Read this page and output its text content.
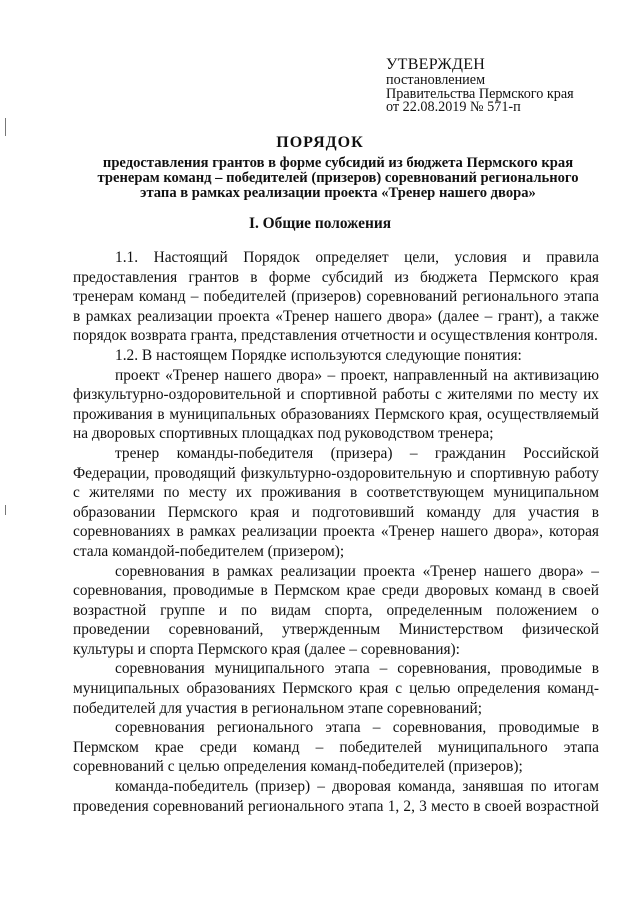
УТВЕРЖДЕН
постановлением
Правительства Пермского края
от 22.08.2019 № 571-п
ПОРЯДОК
предоставления грантов в форме субсидий из бюджета Пермского края тренерам команд – победителей (призеров) соревнований регионального этапа в рамках реализации проекта «Тренер нашего двора»
I. Общие положения

1.1. Настоящий Порядок определяет цели, условия и правила предоставления грантов в форме субсидий из бюджета Пермского края тренерам команд – победителей (призеров) соревнований регионального этапа в рамках реализации проекта «Тренер нашего двора» (далее – грант), а также порядок возврата гранта, представления отчетности и осуществления контроля.

1.2. В настоящем Порядке используются следующие понятия:

проект «Тренер нашего двора» – проект, направленный на активизацию физкультурно-оздоровительной и спортивной работы с жителями по месту их проживания в муниципальных образованиях Пермского края, осуществляемый на дворовых спортивных площадках под руководством тренера;

тренер команды-победителя (призера) – гражданин Российской Федерации, проводящий физкультурно-оздоровительную и спортивную работу с жителями по месту их проживания в соответствующем муниципальном образовании Пермского края и подготовивший команду для участия в соревнованиях в рамках реализации проекта «Тренер нашего двора», которая стала командой-победителем (призером);

соревнования в рамках реализации проекта «Тренер нашего двора» – соревнования, проводимые в Пермском крае среди дворовых команд в своей возрастной группе и по видам спорта, определенным положением о проведении соревнований, утвержденным Министерством физической культуры и спорта Пермского края (далее – соревнования):

соревнования муниципального этапа – соревнования, проводимые в муниципальных образованиях Пермского края с целью определения команд-победителей для участия в региональном этапе соревнований;

соревнования регионального этапа – соревнования, проводимые в Пермском крае среди команд – победителей муниципального этапа соревнований с целью определения команд-победителей (призеров);

команда-победитель (призер) – дворовая команда, занявшая по итогам проведения соревнований регионального этапа 1, 2, 3 место в своей возрастной
